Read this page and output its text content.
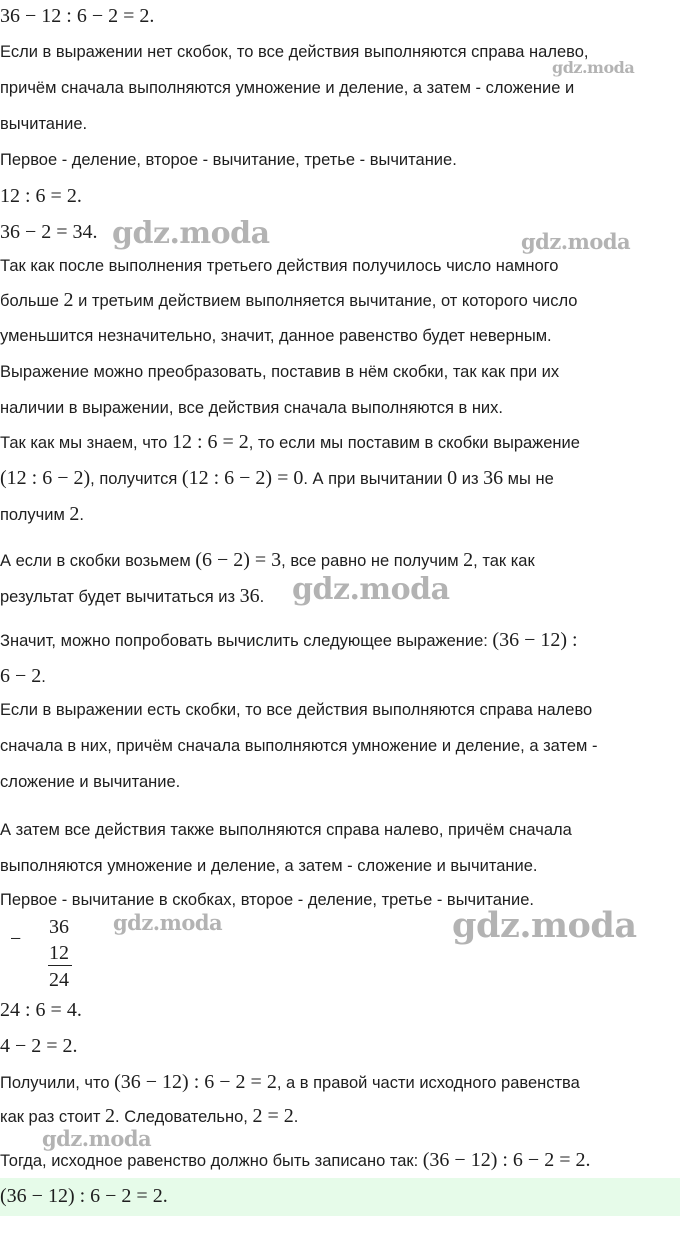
36 − 12 : 6 − 2 = 2.
Если в выражении нет скобок, то все действия выполняются справа налево,
причём сначала выполняются умножение и деление, а затем - сложение и
вычитание.
Первое - деление, второе - вычитание, третье - вычитание.
12 : 6 = 2.
36 − 2 = 34.
Так как после выполнения третьего действия получилось число намного
больше 2 и третьим действием выполняется вычитание, от которого число
уменьшится незначительно, значит, данное равенство будет неверным.
Выражение можно преобразовать, поставив в нём скобки, так как при их
наличии в выражении, все действия сначала выполняются в них.
Так как мы знаем, что 12 : 6 = 2, то если мы поставим в скобки выражение
(12 : 6 − 2), получится (12 : 6 − 2) = 0. А при вычитании 0 из 36 мы не
получим 2.
А если в скобки возьмем (6 − 2) = 3, все равно не получим 2, так как
результат будет вычитаться из 36.
Значит, можно попробовать вычислить следующее выражение: (36 − 12) :
6 − 2.
Если в выражении есть скобки, то все действия выполняются справа налево
сначала в них, причём сначала выполняются умножение и деление, а затем -
сложение и вычитание.
А затем все действия также выполняются справа налево, причём сначала
выполняются умножение и деление, а затем - сложение и вычитание.
Первое - вычитание в скобках, второе - деление, третье - вычитание.
24 : 6 = 4.
4 − 2 = 2.
Получили, что (36 − 12) : 6 − 2 = 2, а в правой части исходного равенства
как раз стоит 2. Следовательно, 2 = 2.
Тогда, исходное равенство должно быть записано так: (36 − 12) : 6 − 2 = 2.
(36 − 12) : 6 − 2 = 2.
−
36
12
24
gdz.moda
gdz.moda	gdz.moda
gdz.moda
gdz.moda	gdz.moda
gdz.moda
